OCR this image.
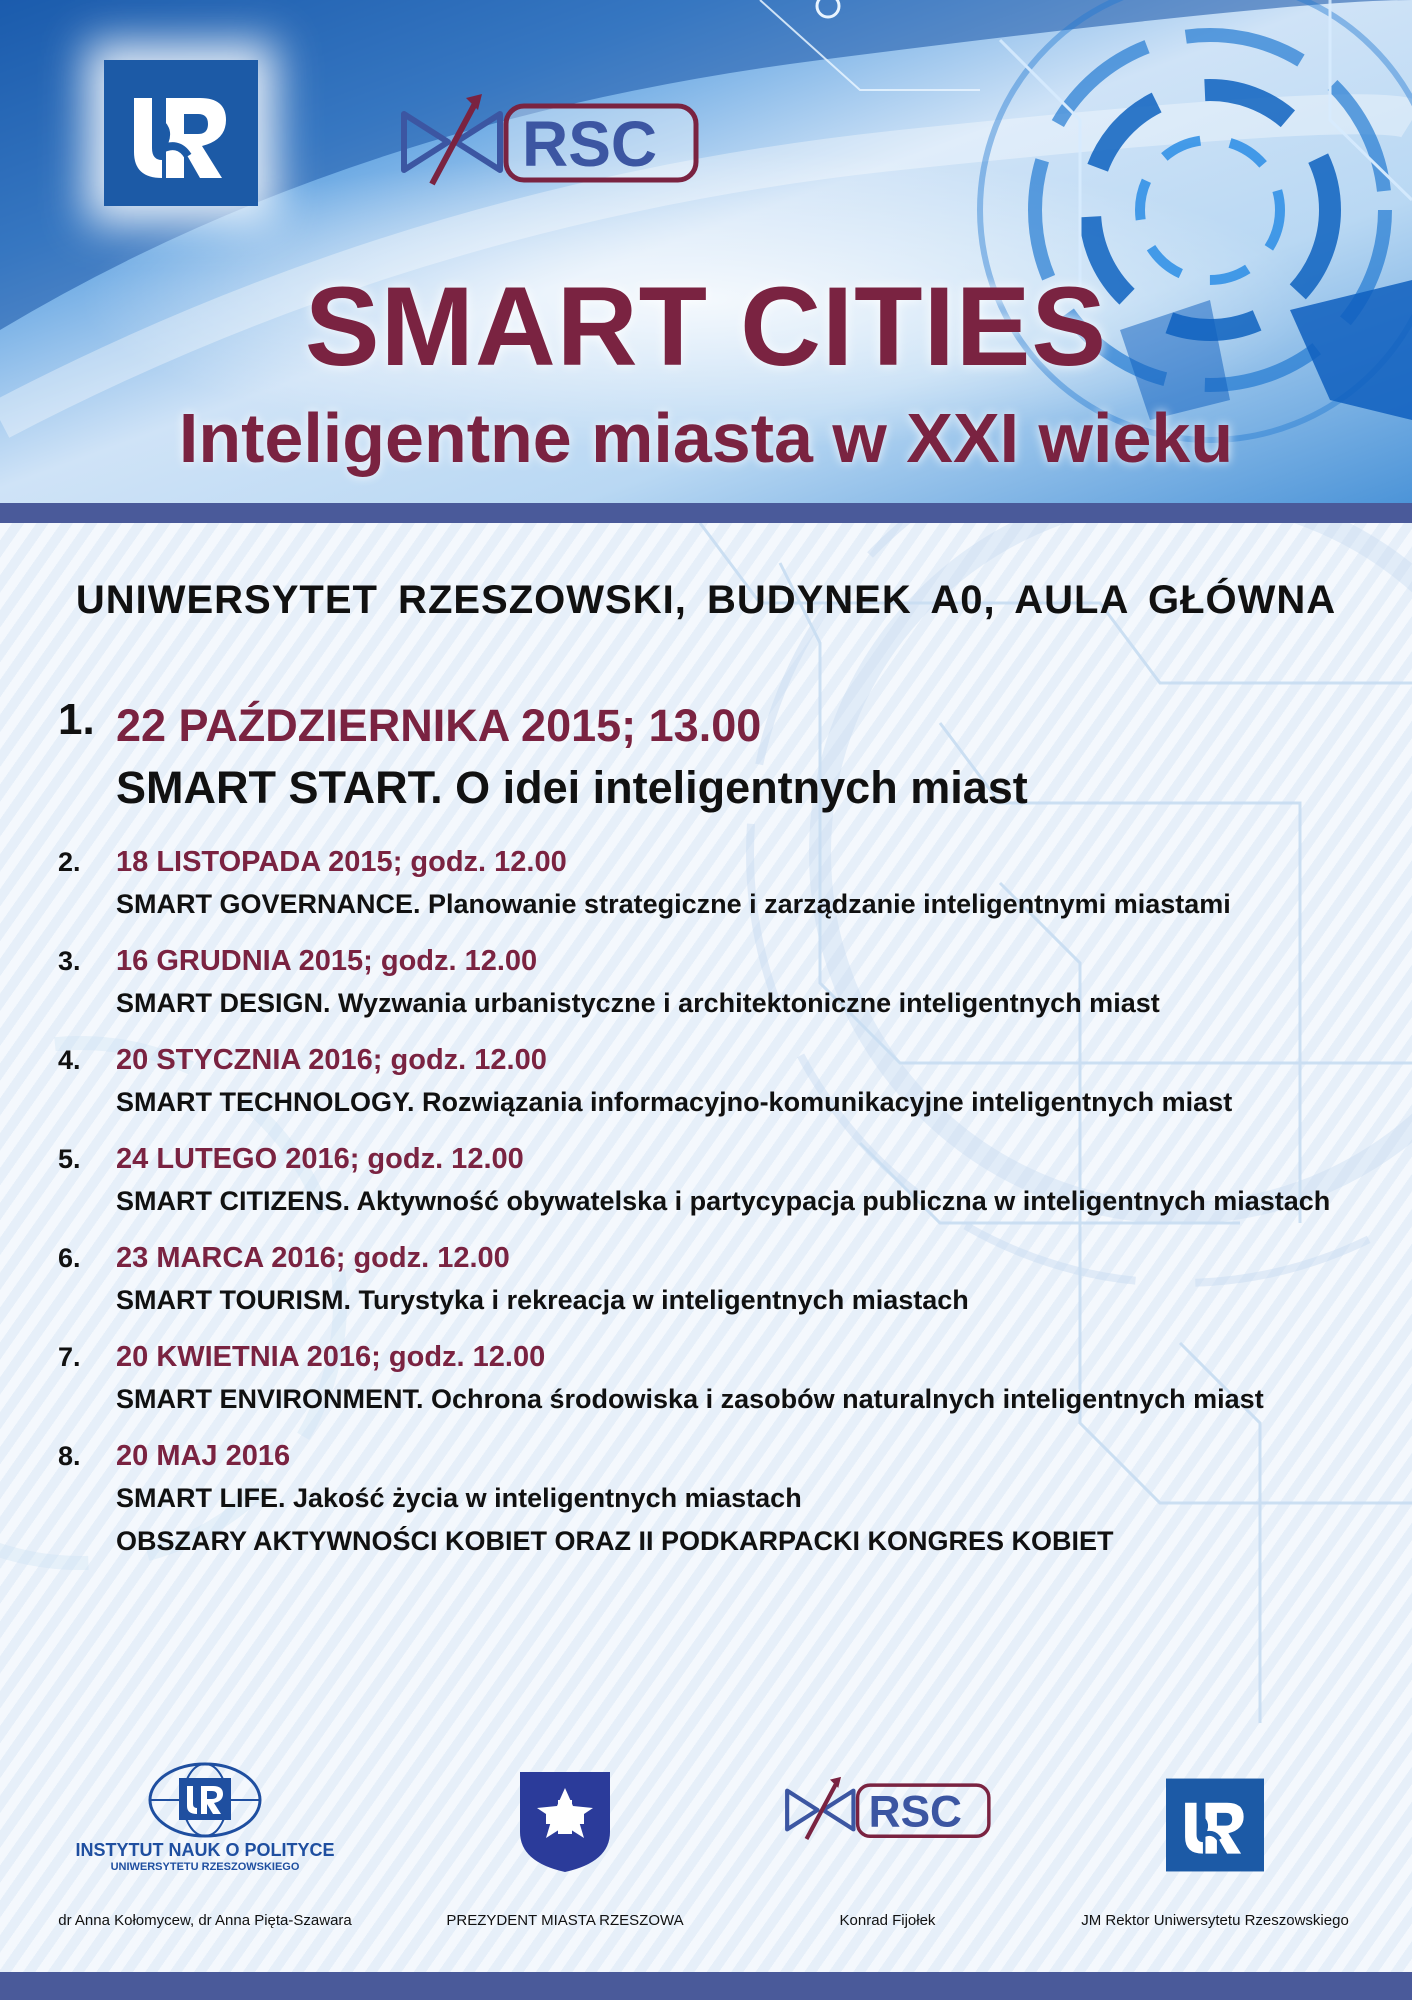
RSC
SMART CITIES
Inteligentne miasta w XXI wieku
UNIWERSYTET RZESZOWSKI, BUDYNEK A0, AULA GŁÓWNA
1. 22 PAŹDZIERNIKA 2015; 13.00
SMART START. O idei inteligentnych miast
2. 18 LISTOPADA 2015; godz. 12.00
SMART GOVERNANCE. Planowanie strategiczne i zarządzanie inteligentnymi miastami
3. 16 GRUDNIA 2015; godz. 12.00
SMART DESIGN. Wyzwania urbanistyczne i architektoniczne inteligentnych miast
4. 20 STYCZNIA 2016; godz. 12.00
SMART TECHNOLOGY. Rozwiązania informacyjno-komunikacyjne inteligentnych miast
5. 24 LUTEGO 2016; godz. 12.00
SMART CITIZENS. Aktywność obywatelska i partycypacja publiczna w inteligentnych miastach
6. 23 MARCA 2016; godz. 12.00
SMART TOURISM. Turystyka i rekreacja w inteligentnych miastach
7. 20 KWIETNIA 2016; godz. 12.00
SMART ENVIRONMENT. Ochrona środowiska i zasobów naturalnych inteligentnych miast
8. 20 MAJ 2016
SMART LIFE. Jakość życia w inteligentnych miastach
OBSZARY AKTYWNOŚCI KOBIET ORAZ II PODKARPACKI KONGRES KOBIET
INSTYTUT NAUK O POLITYCE
UNIWERSYTETU RZESZOWSKIEGO
dr Anna Kołomycew, dr Anna Pięta-Szawara	PREZYDENT MIASTA RZESZOWA
RSC
Konrad Fijołek	JM Rektor Uniwersytetu Rzeszowskiego
